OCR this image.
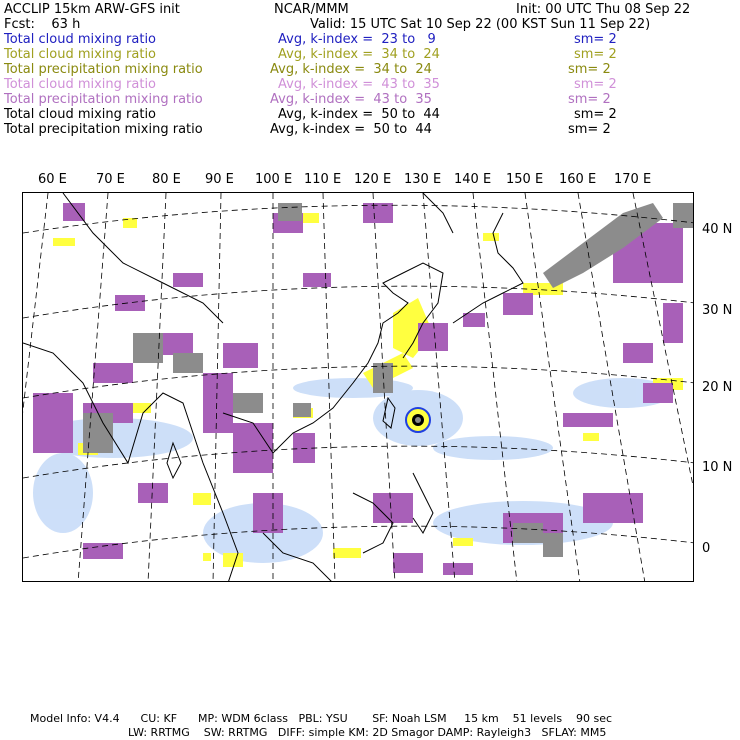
ACCLIP 15km ARW-GFS init	NCAR/MMM	Init: 00 UTC Thu 08 Sep 22
Fcst:    63 h	Valid: 15 UTC Sat 10 Sep 22 (00 KST Sun 11 Sep 22)
Total cloud mixing ratio	Avg, k-index =  23 to   9	sm= 2
Total cloud mixing ratio	Avg, k-index =  34 to  24	sm= 2
Total precipitation mixing ratio	Avg, k-index =  34 to  24	sm= 2
Total cloud mixing ratio	Avg, k-index =  43 to  35	sm= 2
Total precipitation mixing ratio	Avg, k-index =  43 to  35	sm= 2
Total cloud mixing ratio	Avg, k-index =  50 to  44	sm= 2
Total precipitation mixing ratio	Avg, k-index =  50 to  44	sm= 2
60 E 70 E 80 E 90 E 100 E 110 E 120 E 130 E 140 E 150 E 160 E 170 E
40 N
30 N
20 N
10 N
0
Model Info: V4.4      CU: KF      MP: WDM 6class   PBL: YSU       SF: Noah LSM     15 km    51 levels    90 sec
LW: RRTMG    SW: RRTMG   DIFF: simple KM: 2D Smagor DAMP: Rayleigh3   SFLAY: MM5
